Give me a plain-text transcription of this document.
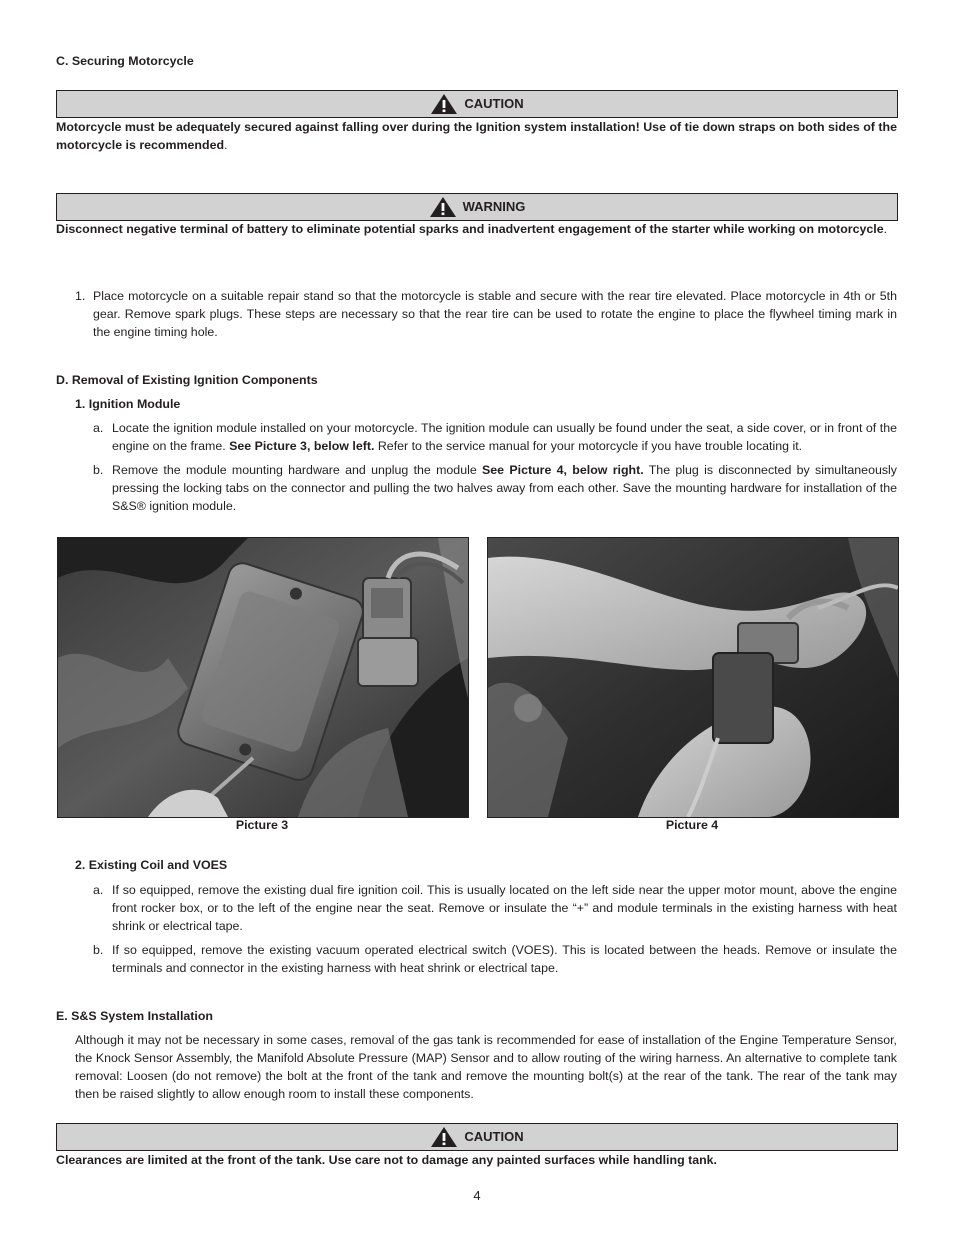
C. Securing Motorcycle
CAUTION
Motorcycle must be adequately secured against falling over during the Ignition system installation! Use of tie down straps on both sides of the motorcycle is recommended.
WARNING
Disconnect negative terminal of battery to eliminate potential sparks and inadvertent engagement of the starter while working on motorcycle.
1. Place motorcycle on a suitable repair stand so that the motorcycle is stable and secure with the rear tire elevated. Place motorcycle in 4th or 5th gear. Remove spark plugs. These steps are necessary so that the rear tire can be used to rotate the engine to place the flywheel timing mark in the engine timing hole.
D. Removal of Existing Ignition Components
1. Ignition Module
a. Locate the ignition module installed on your motorcycle. The ignition module can usually be found under the seat, a side cover, or in front of the engine on the frame. See Picture 3, below left. Refer to the service manual for your motorcycle if you have trouble locating it.
b. Remove the module mounting hardware and unplug the module See Picture 4, below right. The plug is disconnected by simultaneously pressing the locking tabs on the connector and pulling the two halves away from each other. Save the mounting hardware for installation of the S&S® ignition module.
Picture 3	Picture 4
2. Existing Coil and VOES
a. If so equipped, remove the existing dual fire ignition coil. This is usually located on the left side near the upper motor mount, above the engine front rocker box, or to the left of the engine near the seat. Remove or insulate the “+” and module terminals in the existing harness with heat shrink or electrical tape.
b. If so equipped, remove the existing vacuum operated electrical switch (VOES). This is located between the heads. Remove or insulate the terminals and connector in the existing harness with heat shrink or electrical tape.
E. S&S System Installation
Although it may not be necessary in some cases, removal of the gas tank is recommended for ease of installation of the Engine Temperature Sensor, the Knock Sensor Assembly, the Manifold Absolute Pressure (MAP) Sensor and to allow routing of the wiring harness. An alternative to complete tank removal: Loosen (do not remove) the bolt at the front of the tank and remove the mounting bolt(s) at the rear of the tank. The rear of the tank may then be raised slightly to allow enough room to install these components.
CAUTION
Clearances are limited at the front of the tank. Use care not to damage any painted surfaces while handling tank.
4
